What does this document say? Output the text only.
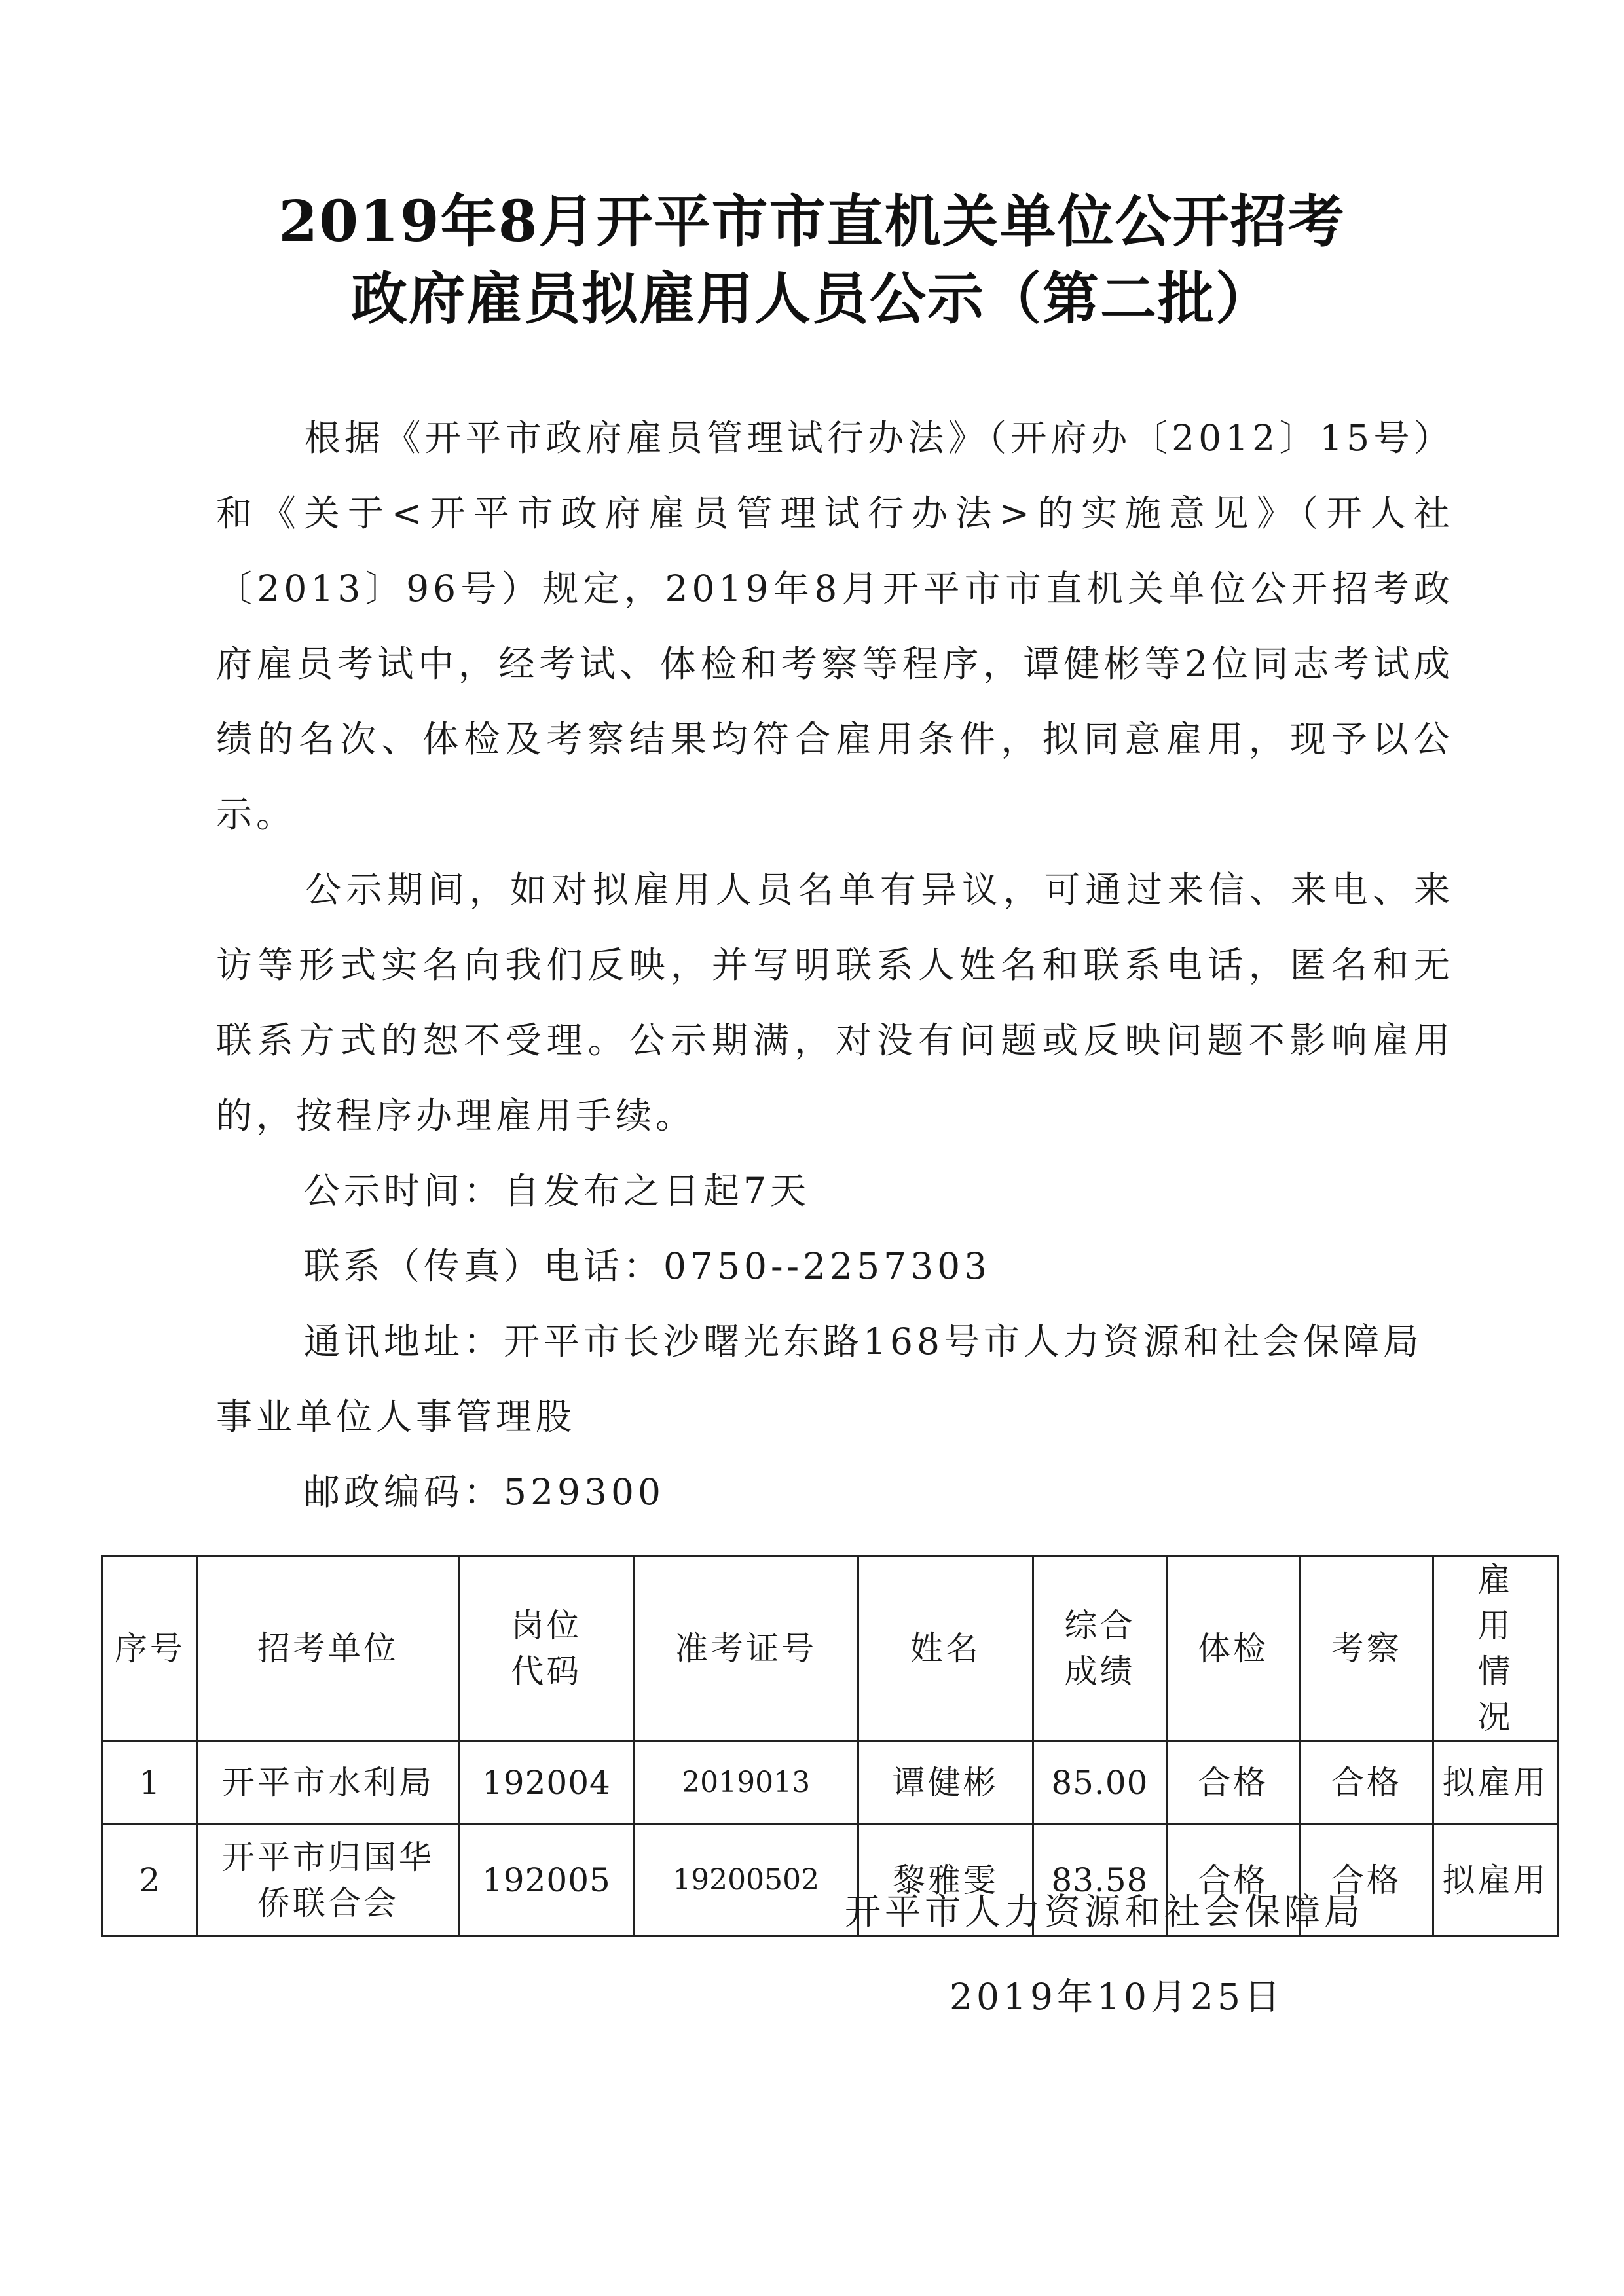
2019年8月开平市市直机关单位公开招考
政府雇员拟雇用人员公示（第二批）

根据《开平市政府雇员管理试行办法》（开府办〔2012〕15号）和《关于<开平市政府雇员管理试行办法>的实施意见》（开人社〔2013〕96号）规定，2019年8月开平市市直机关单位公开招考政府雇员考试中，经考试、体检和考察等程序，谭健彬等2位同志考试成绩的名次、体检及考察结果均符合雇用条件，拟同意雇用，现予以公示。

公示期间，如对拟雇用人员名单有异议，可通过来信、来电、来访等形式实名向我们反映，并写明联系人姓名和联系电话，匿名和无联系方式的恕不受理。公示期满，对没有问题或反映问题不影响雇用的，按程序办理雇用手续。

公示时间：自发布之日起7天
联系（传真）电话：0750--2257303
通讯地址：开平市长沙曙光东路168号市人力资源和社会保障局事业单位人事管理股
邮政编码：529300
序号	招考单位	岗位代码	准考证号	姓名	综合成绩	体检	考察	雇用情况
1	开平市水利局	192004	2019013	谭健彬	85.00	合格	合格	拟雇用
2	开平市归国华侨联合会	192005	19200502	黎雅雯	83.58	合格	合格	拟雇用
开平市人力资源和社会保障局
2019年10月25日
